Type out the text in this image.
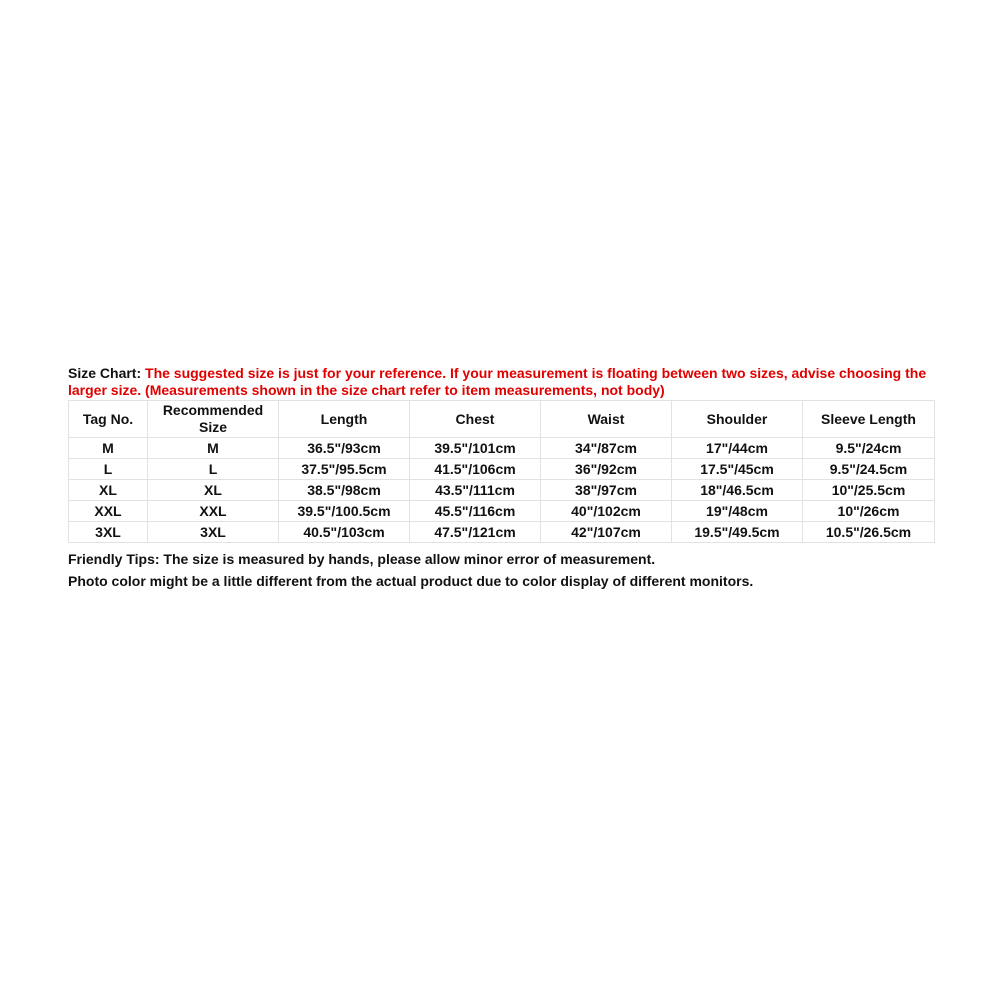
Size Chart: The suggested size is just for your reference. If your measurement is floating between two sizes, advise choosing the larger size. (Measurements shown in the size chart refer to item measurements, not body)

Tag No.	Recommended Size	Length	Chest	Waist	Shoulder	Sleeve Length
M	M	36.5"/93cm	39.5"/101cm	34"/87cm	17"/44cm	9.5"/24cm
L	L	37.5"/95.5cm	41.5"/106cm	36"/92cm	17.5"/45cm	9.5"/24.5cm
XL	XL	38.5"/98cm	43.5"/111cm	38"/97cm	18"/46.5cm	10"/25.5cm
XXL	XXL	39.5"/100.5cm	45.5"/116cm	40"/102cm	19"/48cm	10"/26cm
3XL	3XL	40.5"/103cm	47.5"/121cm	42"/107cm	19.5"/49.5cm	10.5"/26.5cm
Friendly Tips: The size is measured by hands, please allow minor error of measurement.
Photo color might be a little different from the actual product due to color display of different monitors.
